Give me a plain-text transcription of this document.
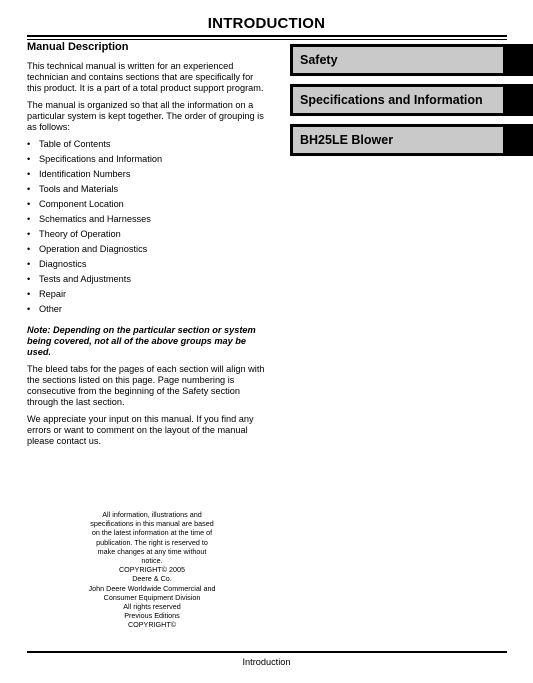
INTRODUCTION
Manual Description

This technical manual is written for an experienced technician and contains sections that are specifically for this product. It is a part of a total product support program.

The manual is organized so that all the information on a particular system is kept together. The order of grouping is as follows:

• Table of Contents
• Specifications and Information
• Identification Numbers
• Tools and Materials
• Component Location
• Schematics and Harnesses
• Theory of Operation
• Operation and Diagnostics
• Diagnostics
• Tests and Adjustments
• Repair
• Other

Note: Depending on the particular section or system being covered, not all of the above groups may be used.

The bleed tabs for the pages of each section will align with the sections listed on this page. Page numbering is consecutive from the beginning of the Safety section through the last section.

We appreciate your input on this manual. If you find any errors or want to comment on the layout of the manual please contact us.

All information, illustrations and
specifications in this manual are based
on the latest information at the time of
publication. The right is reserved to
make changes at any time without
notice.
COPYRIGHT© 2005
Deere & Co.
John Deere Worldwide Commercial and
Consumer Equipment Division
All rights reserved
Previous Editions
COPYRIGHT©
Safety
Specifications and Information
BH25LE Blower
Introduction
